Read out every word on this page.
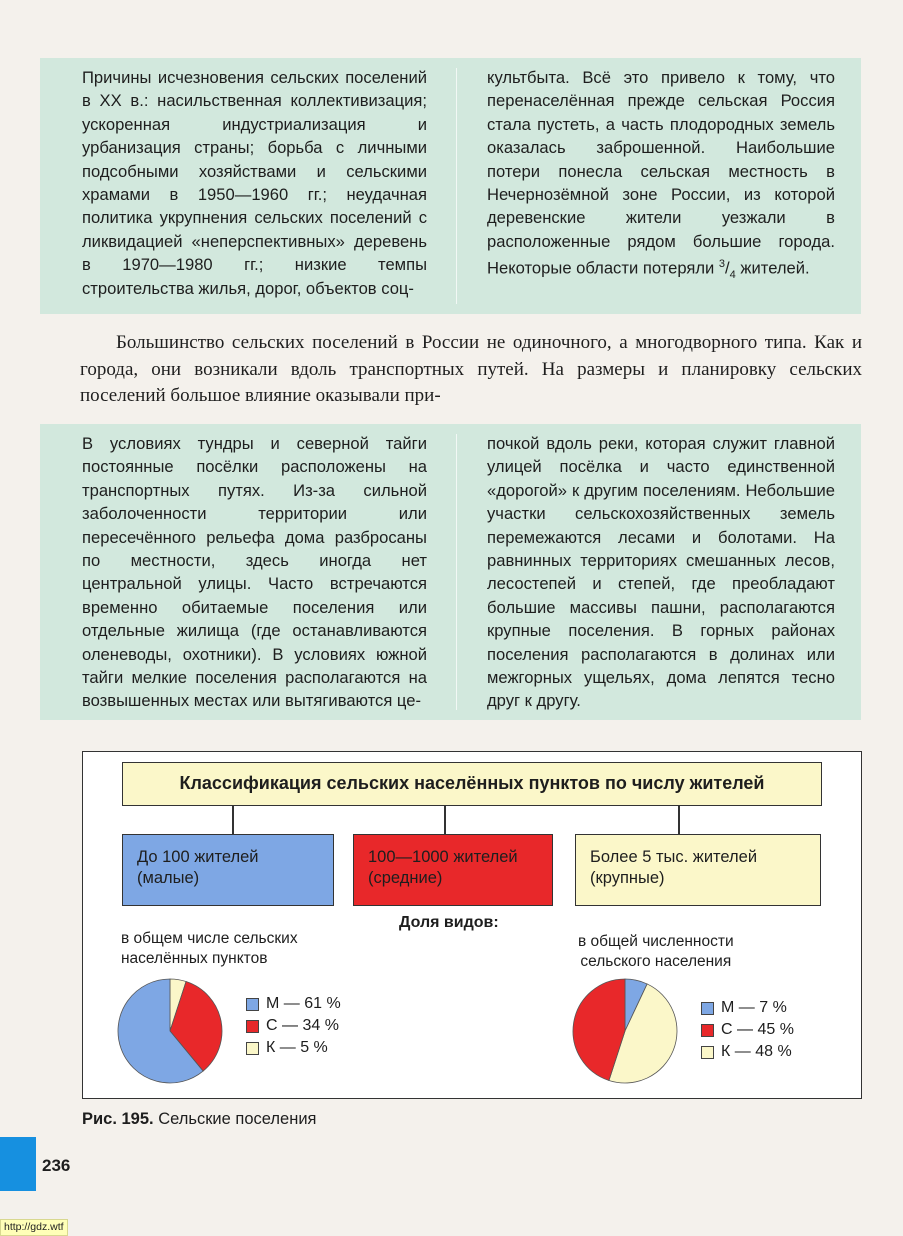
Причины исчезновения сельских поселений в XX в.: насильственная коллективизация; ускоренная индустриализация и урбанизация страны; борьба с личными подсобными хозяйствами и сельскими храмами в 1950—1960 гг.; неудачная политика укрупнения сельских поселений с ликвидацией «неперспективных» деревень в 1970—1980 гг.; низкие темпы строительства жилья, дорог, объектов соц-
культбыта. Всё это привело к тому, что перенаселённая прежде сельская Россия стала пустеть, а часть плодородных земель оказалась заброшенной. Наибольшие потери понесла сельская местность в Нечернозёмной зоне России, из которой деревенские жители уезжали в расположенные рядом большие города. Некоторые области потеряли $^3/_4$ жителей.
Большинство сельских поселений в России не одиночного, а многодворного типа. Как и города, они возникали вдоль транспортных путей. На размеры и планировку сельских поселений большое влияние оказывали при-
В условиях тундры и северной тайги постоянные посёлки расположены на транспортных путях. Из-за сильной заболоченности территории или пересечённого рельефа дома разбросаны по местности, здесь иногда нет центральной улицы. Часто встречаются временно обитаемые поселения или отдельные жилища (где останавливаются оленеводы, охотники). В условиях южной тайги мелкие поселения располагаются на возвышенных местах или вытягиваются це-
почкой вдоль реки, которая служит главной улицей посёлка и часто единственной «дорогой» к другим поселениям. Небольшие участки сельскохозяйственных земель перемежаются лесами и болотами. На равнинных территориях смешанных лесов, лесостепей и степей, где преобладают большие массивы пашни, располагаются крупные поселения. В горных районах поселения располагаются в долинах или межгорных ущельях, дома лепятся тесно друг к другу.
Классификация сельских населённых пунктов по числу жителей
До 100 жителей
(малые)
100—1000 жителей
(средние)
Более 5 тыс. жителей
(крупные)
Доля видов:
в общем числе сельских
населённых пунктов
в общей численности
сельского населения
М — 61 %
С — 34 %
К — 5 %
М — 7 %
С — 45 %
К — 48 %
Рис. 195. Сельские поселения
236
http://gdz.wtf
